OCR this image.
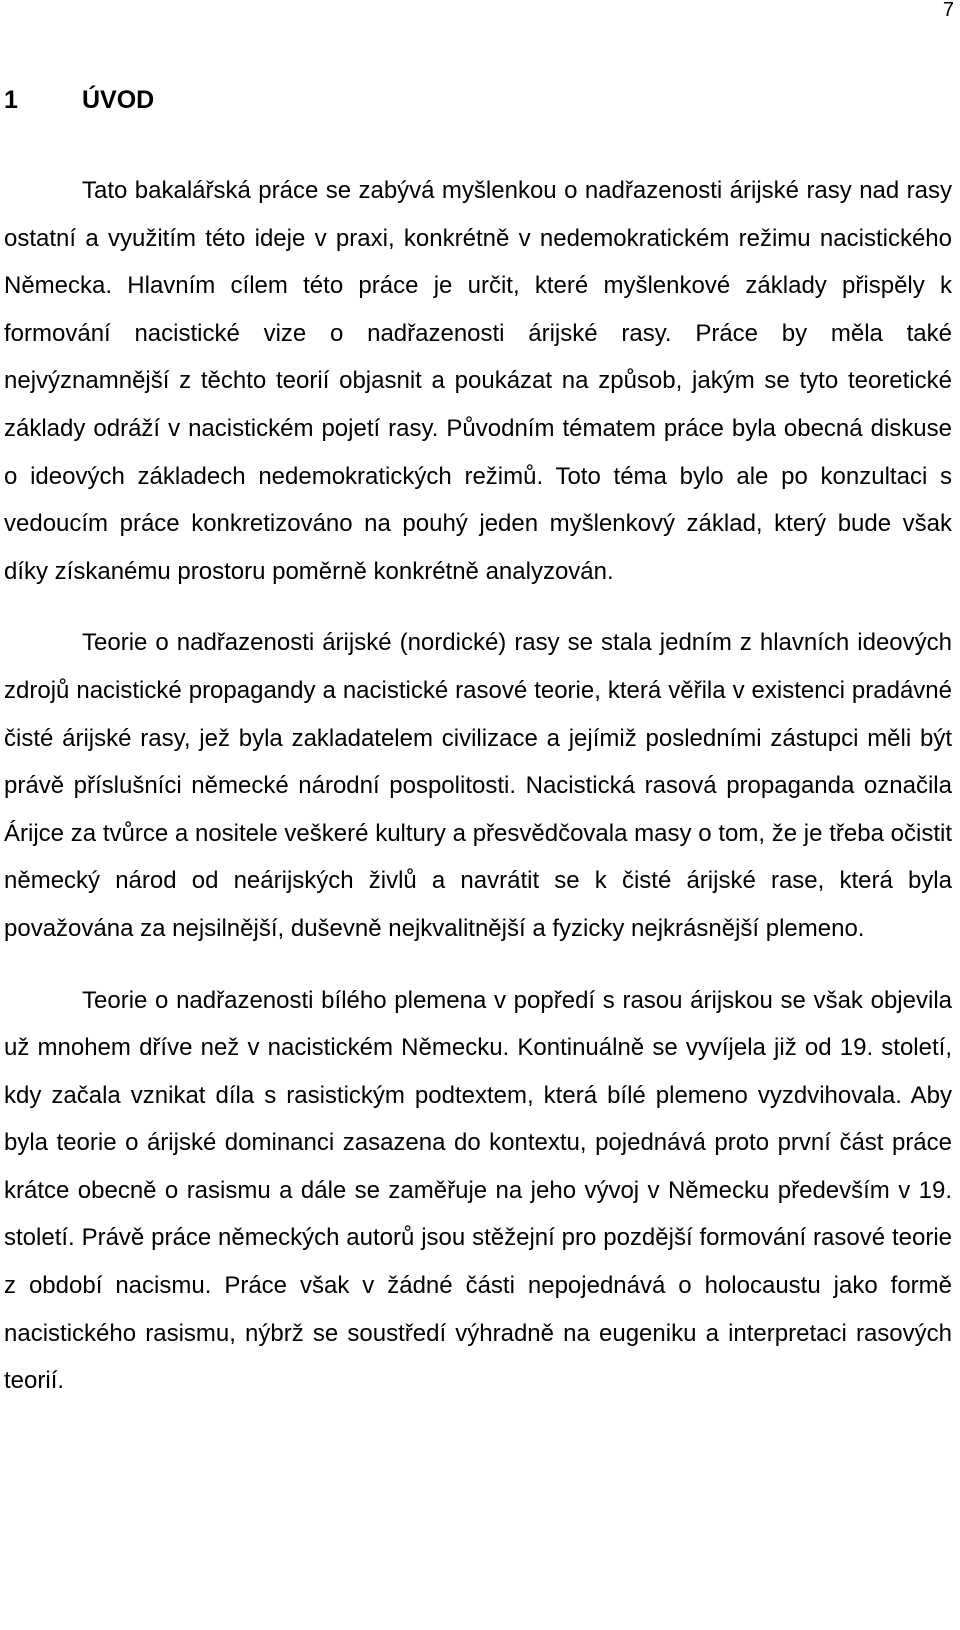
7
1	ÚVOD

Tato bakalářská práce se zabývá myšlenkou o nadřazenosti árijské rasy nad rasy ostatní a využitím této ideje v praxi, konkrétně v nedemokratickém režimu nacistického Německa. Hlavním cílem této práce je určit, které myšlenkové základy přispěly k formování nacistické vize o nadřazenosti árijské rasy. Práce by měla také nejvýznamnější z těchto teorií objasnit a poukázat na způsob, jakým se tyto teoretické základy odráží v nacistickém pojetí rasy. Původním tématem práce byla obecná diskuse o ideových základech nedemokratických režimů. Toto téma bylo ale po konzultaci s vedoucím práce konkretizováno na pouhý jeden myšlenkový základ, který bude však díky získanému prostoru poměrně konkrétně analyzován.

Teorie o nadřazenosti árijské (nordické) rasy se stala jedním z hlavních ideových zdrojů nacistické propagandy a nacistické rasové teorie, která věřila v existenci pradávné čisté árijské rasy, jež byla zakladatelem civilizace a jejímiž posledními zástupci měli být právě příslušníci německé národní pospolitosti. Nacistická rasová propaganda označila Árijce za tvůrce a nositele veškeré kultury a přesvědčovala masy o tom, že je třeba očistit německý národ od neárijských živlů a navrátit se k čisté árijské rase, která byla považována za nejsilnější, duševně nejkvalitnější a fyzicky nejkrásnější plemeno.

Teorie o nadřazenosti bílého plemena v popředí s rasou árijskou se však objevila už mnohem dříve než v nacistickém Německu. Kontinuálně se vyvíjela již od 19. století, kdy začala vznikat díla s rasistickým podtextem, která bílé plemeno vyzdvihovala. Aby byla teorie o árijské dominanci zasazena do kontextu, pojednává proto první část práce krátce obecně o rasismu a dále se zaměřuje na jeho vývoj v Německu především v 19. století. Právě práce německých autorů jsou stěžejní pro pozdější formování rasové teorie z období nacismu. Práce však v žádné části nepojednává o holocaustu jako formě nacistického rasismu, nýbrž se soustředí výhradně na eugeniku a interpretaci rasových teorií.
